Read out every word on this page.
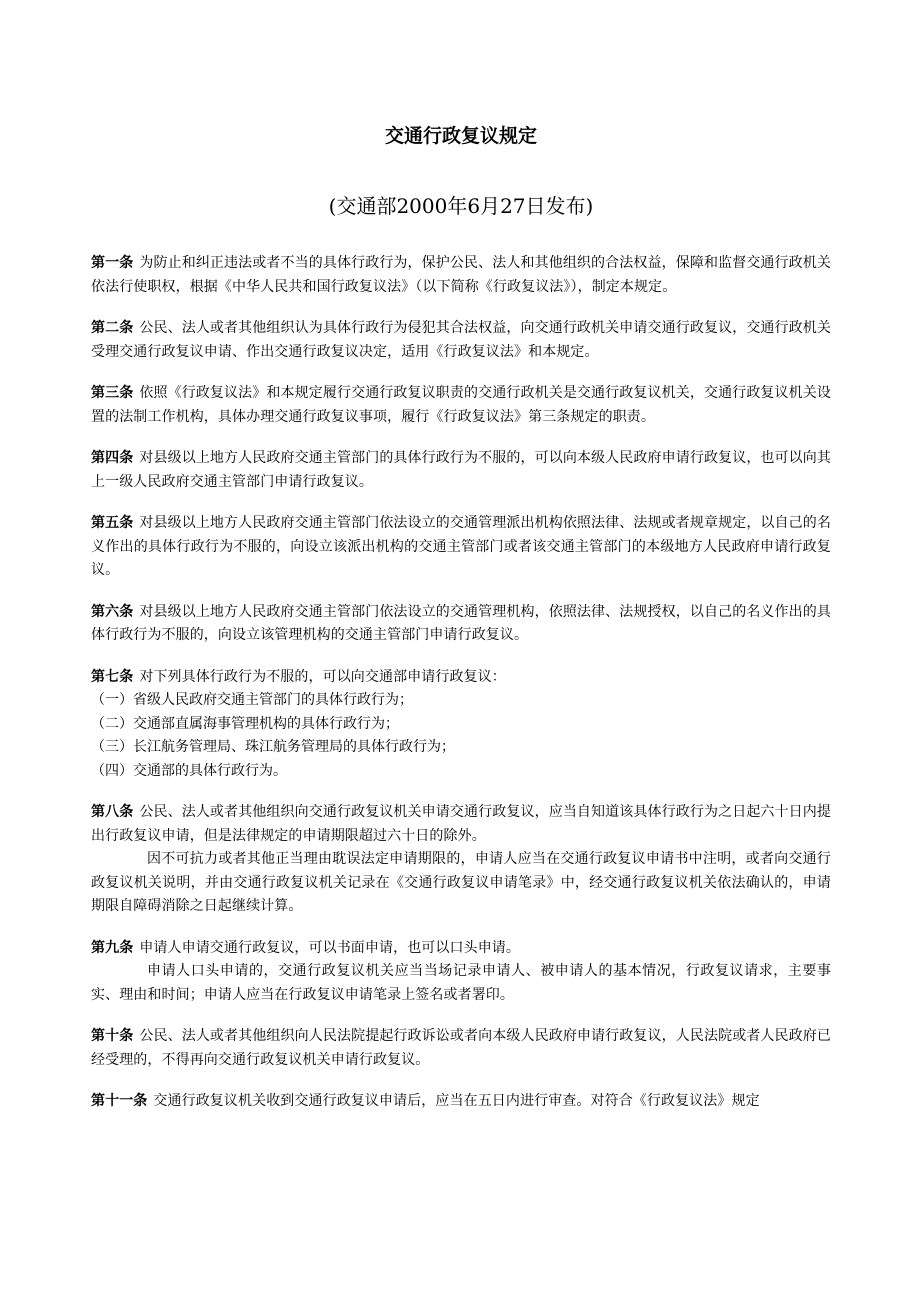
交通行政复议规定
(交通部2000年6月27日发布)

第一条 为防止和纠正违法或者不当的具体行政行为，保护公民、法人和其他组织的合法权益，保障和监督交通行政机关依法行使职权，根据《中华人民共和国行政复议法》（以下简称《行政复议法》），制定本规定。

第二条 公民、法人或者其他组织认为具体行政行为侵犯其合法权益，向交通行政机关申请交通行政复议，交通行政机关受理交通行政复议申请、作出交通行政复议决定，适用《行政复议法》和本规定。

第三条 依照《行政复议法》和本规定履行交通行政复议职责的交通行政机关是交通行政复议机关，交通行政复议机关设置的法制工作机构，具体办理交通行政复议事项，履行《行政复议法》第三条规定的职责。

第四条 对县级以上地方人民政府交通主管部门的具体行政行为不服的，可以向本级人民政府申请行政复议，也可以向其上一级人民政府交通主管部门申请行政复议。

第五条 对县级以上地方人民政府交通主管部门依法设立的交通管理派出机构依照法律、法规或者规章规定，以自己的名义作出的具体行政行为不服的，向设立该派出机构的交通主管部门或者该交通主管部门的本级地方人民政府申请行政复议。

第六条 对县级以上地方人民政府交通主管部门依法设立的交通管理机构，依照法律、法规授权，以自己的名义作出的具体行政行为不服的，向设立该管理机构的交通主管部门申请行政复议。

第七条 对下列具体行政行为不服的，可以向交通部申请行政复议：

（一）省级人民政府交通主管部门的具体行政行为；

（二）交通部直属海事管理机构的具体行政行为；

（三）长江航务管理局、珠江航务管理局的具体行政行为；

（四）交通部的具体行政行为。

第八条 公民、法人或者其他组织向交通行政复议机关申请交通行政复议，应当自知道该具体行政行为之日起六十日内提出行政复议申请，但是法律规定的申请期限超过六十日的除外。

因不可抗力或者其他正当理由耽误法定申请期限的，申请人应当在交通行政复议申请书中注明，或者向交通行政复议机关说明，并由交通行政复议机关记录在《交通行政复议申请笔录》中，经交通行政复议机关依法确认的，申请期限自障碍消除之日起继续计算。

第九条 申请人申请交通行政复议，可以书面申请，也可以口头申请。

申请人口头申请的，交通行政复议机关应当当场记录申请人、被申请人的基本情况，行政复议请求，主要事实、理由和时间；申请人应当在行政复议申请笔录上签名或者署印。

第十条 公民、法人或者其他组织向人民法院提起行政诉讼或者向本级人民政府申请行政复议，人民法院或者人民政府已经受理的，不得再向交通行政复议机关申请行政复议。

第十一条 交通行政复议机关收到交通行政复议申请后，应当在五日内进行审查。对符合《行政复议法》规定
